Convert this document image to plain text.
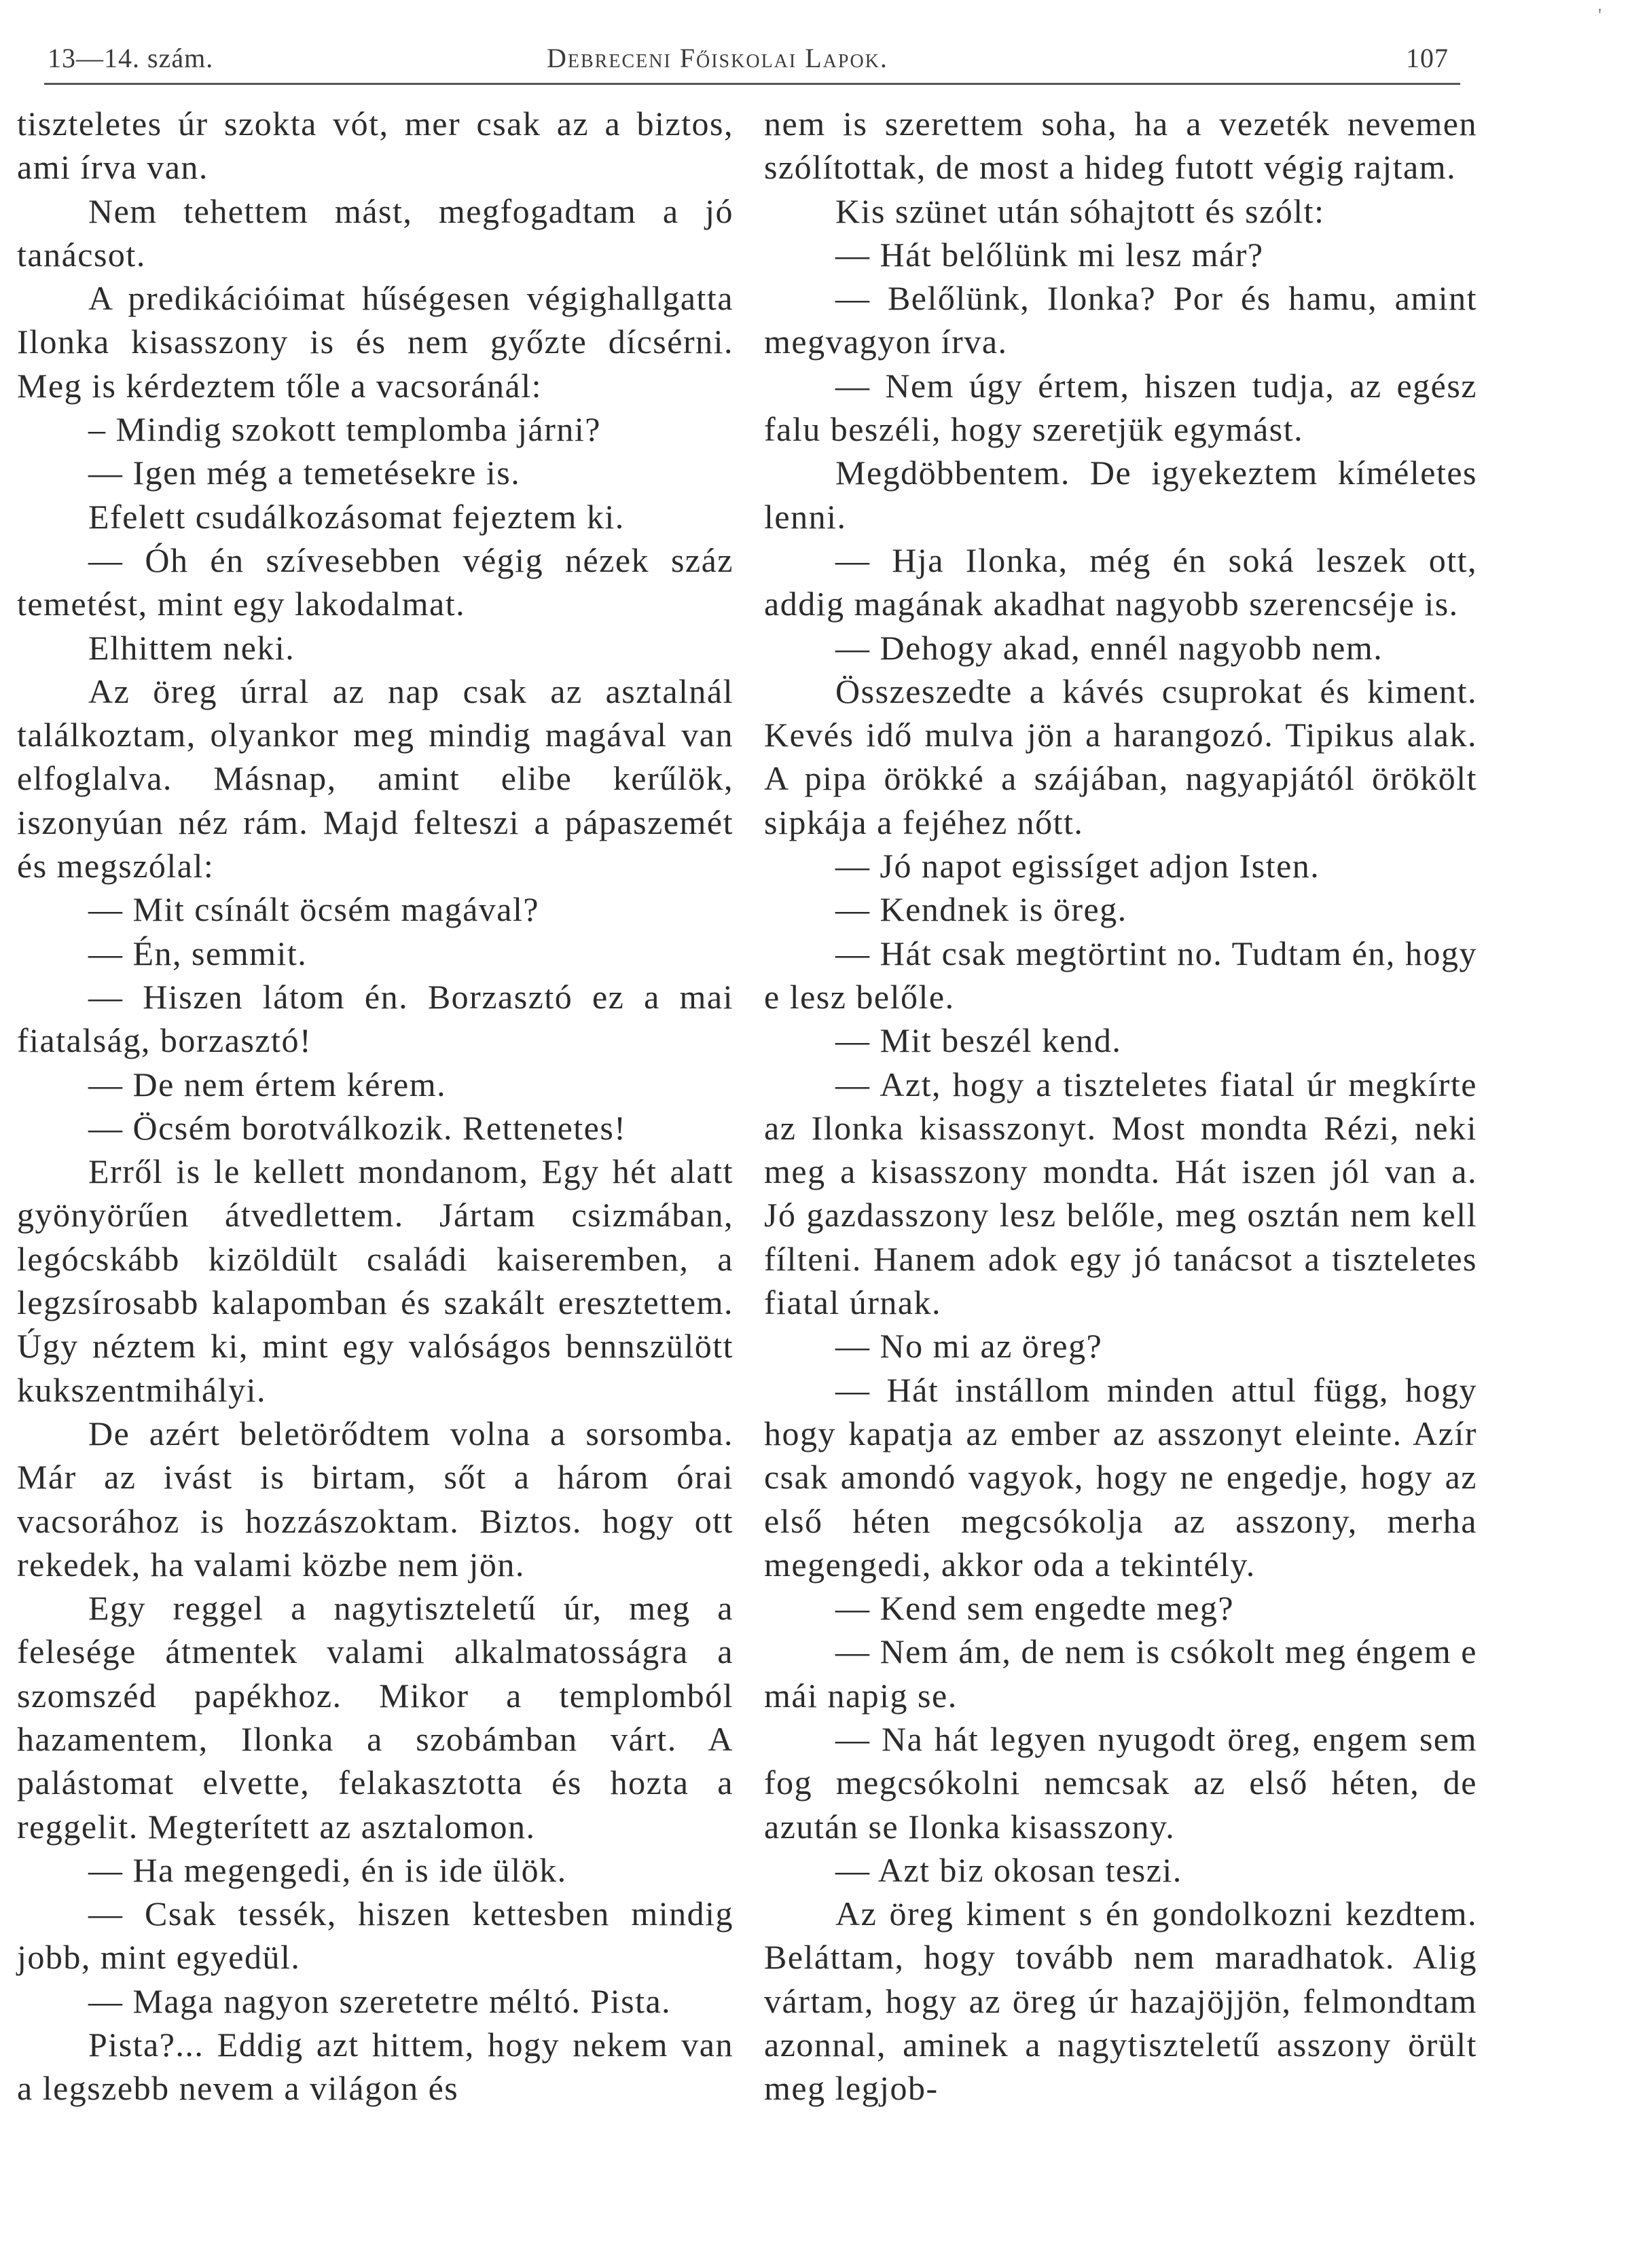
'
13—14. szám.	Debreceni Főiskolai Lapok.	107

tiszteletes úr szokta vót, mer csak az a biztos, ami írva van.

Nem tehettem mást, megfogadtam a jó tanácsot.

A predikációimat hűségesen végighallgatta Ilonka kisasszony is és nem győzte dícsérni. Meg is kérdeztem tőle a vacsoránál:

– Mindig szokott templomba járni?

— Igen még a temetésekre is.

Efelett csudálkozásomat fejeztem ki.

— Óh én szívesebben végig nézek száz temetést, mint egy lakodalmat.

Elhittem neki.

Az öreg úrral az nap csak az asztalnál találkoztam, olyankor meg mindig magával van elfoglalva. Másnap, amint elibe kerűlök, iszonyúan néz rám. Majd felteszi a pápaszemét és megszólal:

— Mit csínált öcsém magával?

— Én, semmit.

— Hiszen látom én. Borzasztó ez a mai fiatalság, borzasztó!

— De nem értem kérem.

— Öcsém borotválkozik. Rettenetes!

Erről is le kellett mondanom, Egy hét alatt gyönyörűen átvedlettem. Jártam csizmában, legócskább kizöldült családi kaiseremben, a legzsírosabb kalapomban és szakált eresztettem. Úgy néztem ki, mint egy valóságos bennszülött kukszentmihályi.

De azért beletörődtem volna a sorsomba. Már az ivást is birtam, sőt a három órai vacsorához is hozzászoktam. Biztos. hogy ott rekedek, ha valami közbe nem jön.

Egy reggel a nagytiszteletű úr, meg a felesége átmentek valami alkalmatosságra a szomszéd papékhoz. Mikor a templomból hazamentem, Ilonka a szobámban várt. A palástomat elvette, felakasztotta és hozta a reggelit. Megterített az asztalomon.

— Ha megengedi, én is ide ülök.

— Csak tessék, hiszen kettesben mindig jobb, mint egyedül.

— Maga nagyon szeretetre méltó. Pista.

Pista?... Eddig azt hittem, hogy nekem van a legszebb nevem a világon és

nem is szerettem soha, ha a vezeték nevemen szólítottak, de most a hideg futott végig rajtam.

Kis szünet után sóhajtott és szólt:

— Hát belőlünk mi lesz már?

— Belőlünk, Ilonka? Por és hamu, amint megvagyon írva.

— Nem úgy értem, hiszen tudja, az egész falu beszéli, hogy szeretjük egymást.

Megdöbbentem. De igyekeztem kíméletes lenni.

— Hja Ilonka, még én soká leszek ott, addig magának akadhat nagyobb szerencséje is.

— Dehogy akad, ennél nagyobb nem.

Összeszedte a kávés csuprokat és kiment. Kevés idő mulva jön a harangozó. Tipikus alak. A pipa örökké a szájában, nagyapjától örökölt sipkája a fejéhez nőtt.

— Jó napot egissíget adjon Isten.

— Kendnek is öreg.

— Hát csak megtörtint no. Tudtam én, hogy e lesz belőle.

— Mit beszél kend.

— Azt, hogy a tiszteletes fiatal úr megkírte az Ilonka kisasszonyt. Most mondta Rézi, neki meg a kisasszony mondta. Hát iszen jól van a. Jó gazdasszony lesz belőle, meg osztán nem kell fílteni. Hanem adok egy jó tanácsot a tiszteletes fiatal úrnak.

— No mi az öreg?

— Hát instállom minden attul függ, hogy hogy kapatja az ember az asszonyt eleinte. Azír csak amondó vagyok, hogy ne engedje, hogy az első héten megcsókolja az asszony, merha megengedi, akkor oda a tekintély.

— Kend sem engedte meg?

— Nem ám, de nem is csókolt meg éngem e mái napig se.

— Na hát legyen nyugodt öreg, engem sem fog megcsókolni nemcsak az első héten, de azután se Ilonka kisasszony.

— Azt biz okosan teszi.

Az öreg kiment s én gondolkozni kezdtem. Beláttam, hogy tovább nem maradhatok. Alig vártam, hogy az öreg úr hazajöjjön, felmondtam azonnal, aminek a nagytiszteletű asszony örült meg legjob-
